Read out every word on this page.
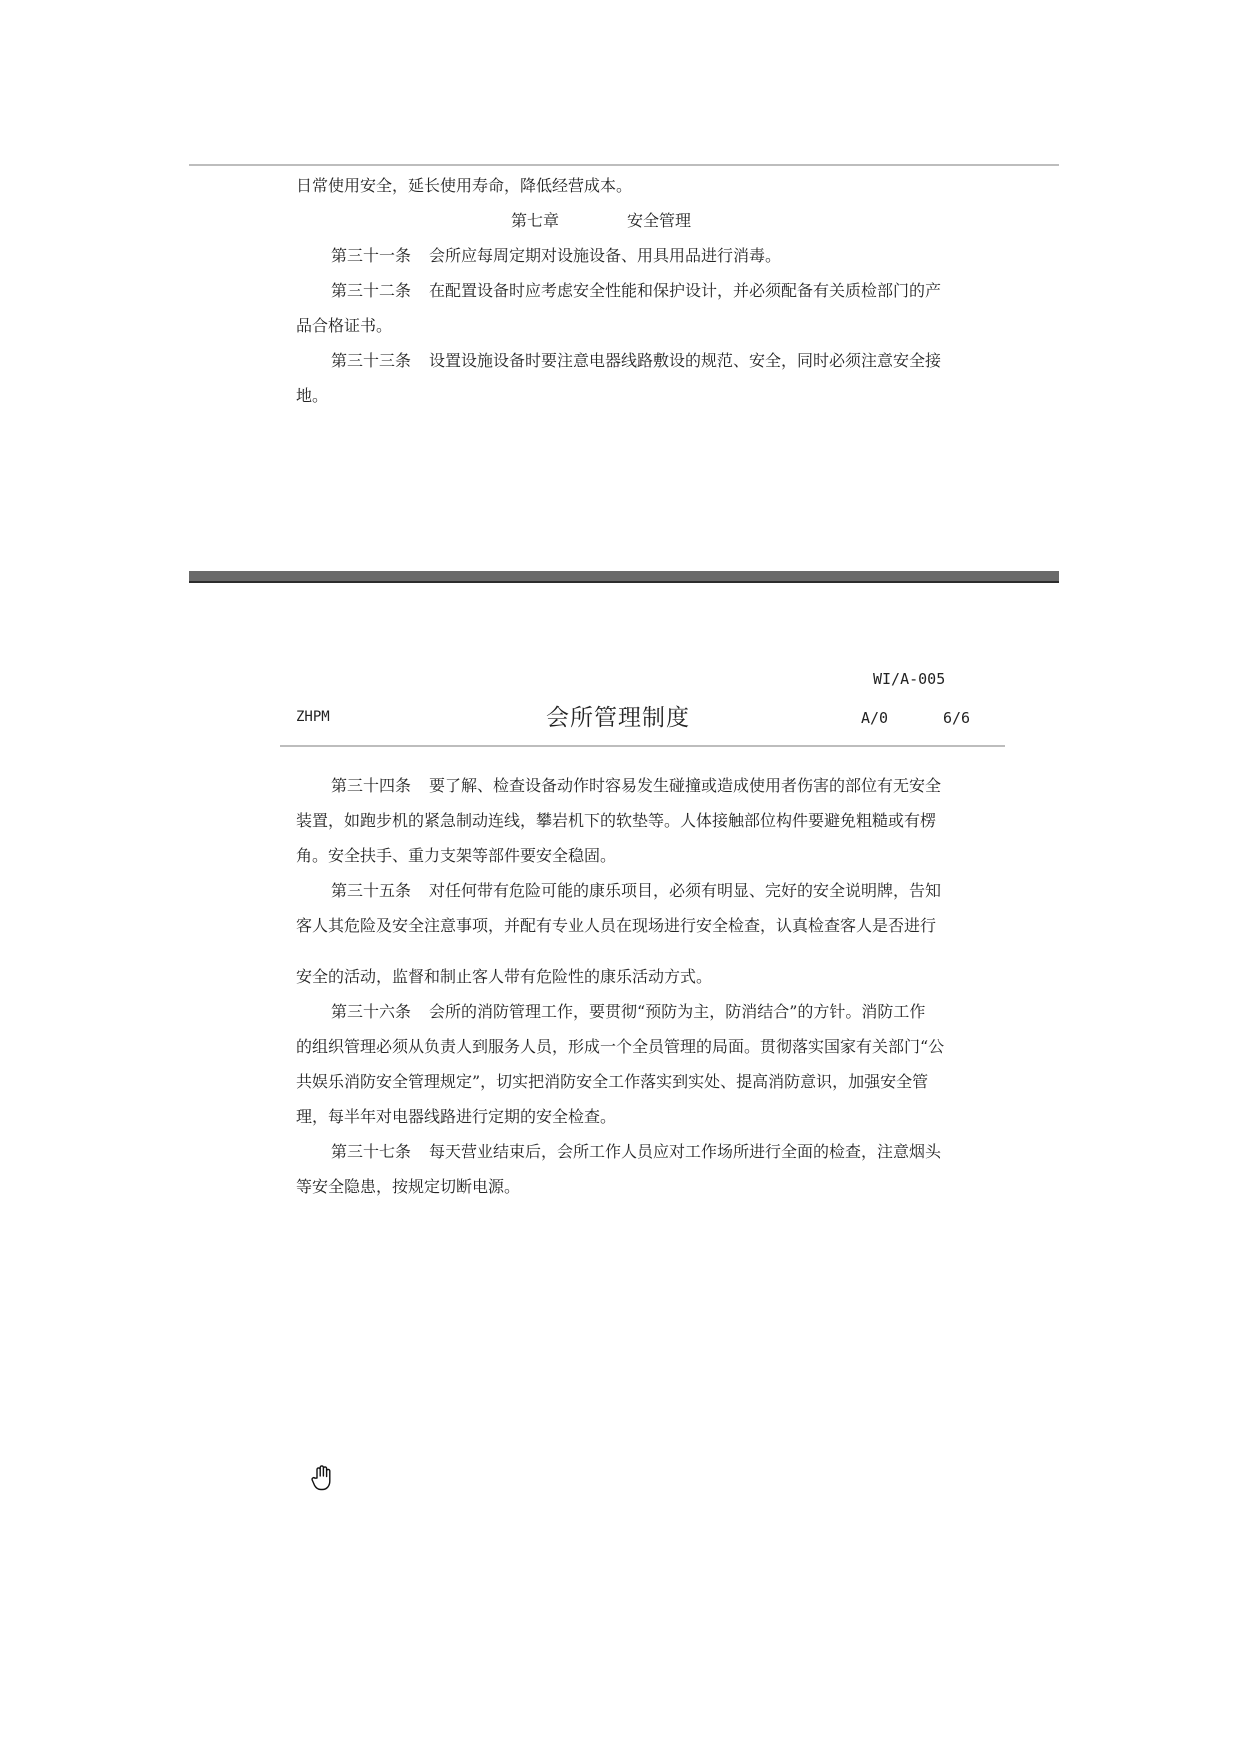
日常使用安全，延长使用寿命，降低经营成本。

第七章	安全管理

第三十一条 会所应每周定期对设施设备、用具用品进行消毒。

第三十二条 在配置设备时应考虑安全性能和保护设计，并必须配备有关质检部门的产

品合格证书。

第三十三条 设置设施设备时要注意电器线路敷设的规范、安全，同时必须注意安全接

地。

WI/A-005
ZHPM	会所管理制度	A/0	6/6

第三十四条 要了解、检查设备动作时容易发生碰撞或造成使用者伤害的部位有无安全

装置，如跑步机的紧急制动连线，攀岩机下的软垫等。人体接触部位构件要避免粗糙或有楞

角。安全扶手、重力支架等部件要安全稳固。

第三十五条 对任何带有危险可能的康乐项目，必须有明显、完好的安全说明牌，告知

客人其危险及安全注意事项，并配有专业人员在现场进行安全检查，认真检查客人是否进行

安全的活动，监督和制止客人带有危险性的康乐活动方式。

第三十六条 会所的消防管理工作，要贯彻“预防为主，防消结合”的方针。消防工作

的组织管理必须从负责人到服务人员，形成一个全员管理的局面。贯彻落实国家有关部门“公

共娱乐消防安全管理规定”，切实把消防安全工作落实到实处、提高消防意识，加强安全管

理，每半年对电器线路进行定期的安全检查。

第三十七条 每天营业结束后，会所工作人员应对工作场所进行全面的检查，注意烟头

等安全隐患，按规定切断电源。
